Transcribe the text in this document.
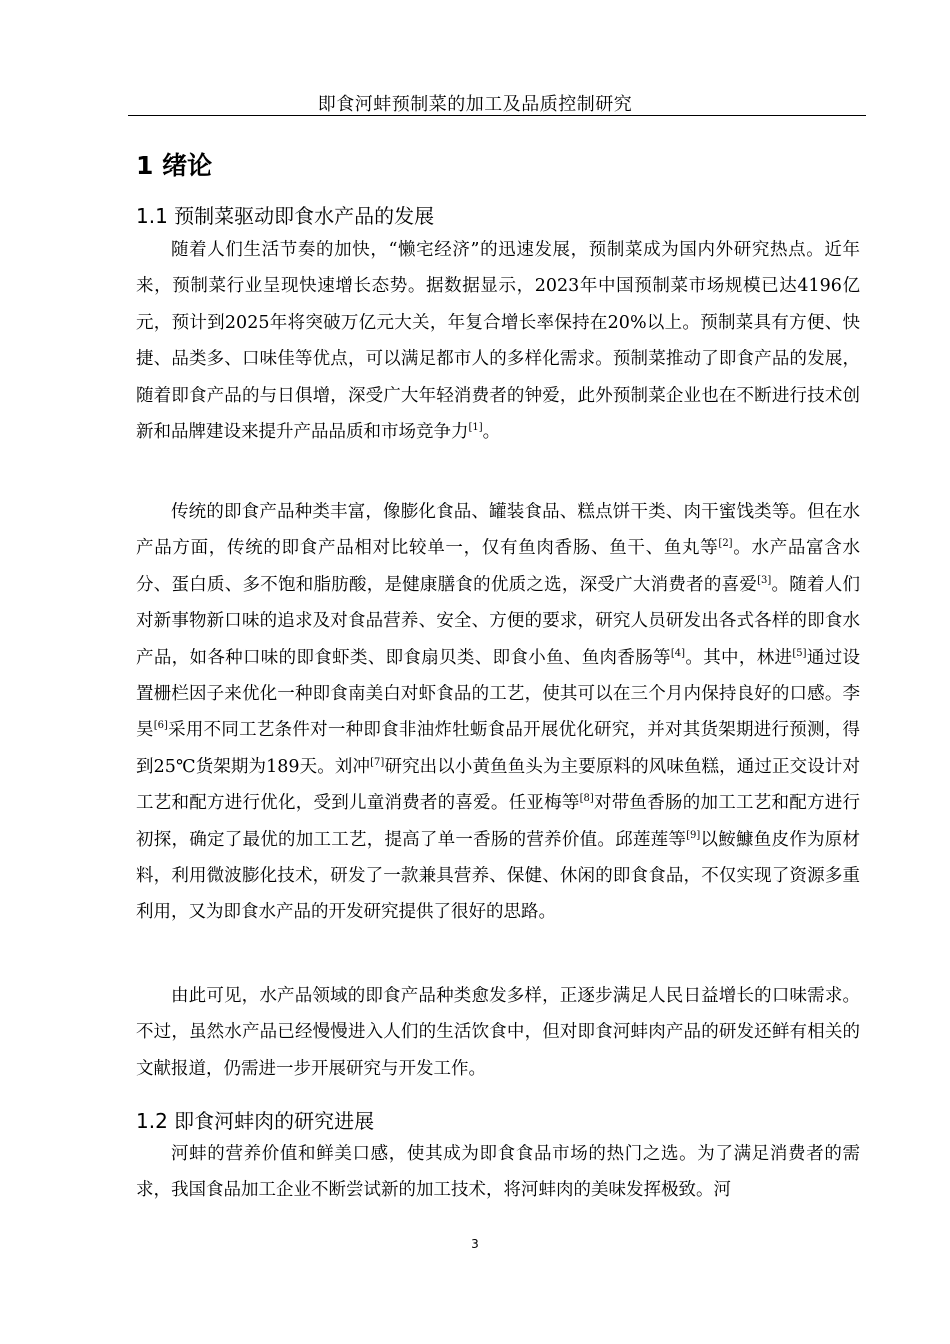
即食河蚌预制菜的加工及品质控制研究
1 绪论
1.1 预制菜驱动即食水产品的发展

随着人们生活节奏的加快，“懒宅经济”的迅速发展，预制菜成为国内外研究热点。近年来，预制菜行业呈现快速增长态势。据数据显示，2023年中国预制菜市场规模已达4196亿元，预计到2025年将突破万亿元大关，年复合增长率保持在20%以上。预制菜具有方便、快捷、品类多、口味佳等优点，可以满足都市人的多样化需求。预制菜推动了即食产品的发展，随着即食产品的与日俱增，深受广大年轻消费者的钟爱，此外预制菜企业也在不断进行技术创新和品牌建设来提升产品品质和市场竞争力[1]。

传统的即食产品种类丰富，像膨化食品、罐装食品、糕点饼干类、肉干蜜饯类等。但在水产品方面，传统的即食产品相对比较单一，仅有鱼肉香肠、鱼干、鱼丸等[2]。水产品富含水分、蛋白质、多不饱和脂肪酸，是健康膳食的优质之选，深受广大消费者的喜爱[3]。随着人们对新事物新口味的追求及对食品营养、安全、方便的要求，研究人员研发出各式各样的即食水产品，如各种口味的即食虾类、即食扇贝类、即食小鱼、鱼肉香肠等[4]。其中，林进[5]通过设置栅栏因子来优化一种即食南美白对虾食品的工艺，使其可以在三个月内保持良好的口感。李昊[6]采用不同工艺条件对一种即食非油炸牡蛎食品开展优化研究，并对其货架期进行预测，得到25℃货架期为189天。刘冲[7]研究出以小黄鱼鱼头为主要原料的风味鱼糕，通过正交设计对工艺和配方进行优化，受到儿童消费者的喜爱。任亚梅等[8]对带鱼香肠的加工工艺和配方进行初探，确定了最优的加工工艺，提高了单一香肠的营养价值。邱莲莲等[9]以鮟鱇鱼皮作为原材料，利用微波膨化技术，研发了一款兼具营养、保健、休闲的即食食品，不仅实现了资源多重利用，又为即食水产品的开发研究提供了很好的思路。

由此可见，水产品领域的即食产品种类愈发多样，正逐步满足人民日益增长的口味需求。不过，虽然水产品已经慢慢进入人们的生活饮食中，但对即食河蚌肉产品的研发还鲜有相关的文献报道，仍需进一步开展研究与开发工作。

1.2 即食河蚌肉的研究进展

河蚌的营养价值和鲜美口感，使其成为即食食品市场的热门之选。为了满足消费者的需求，我国食品加工企业不断尝试新的加工技术，将河蚌肉的美味发挥极致。河

3
